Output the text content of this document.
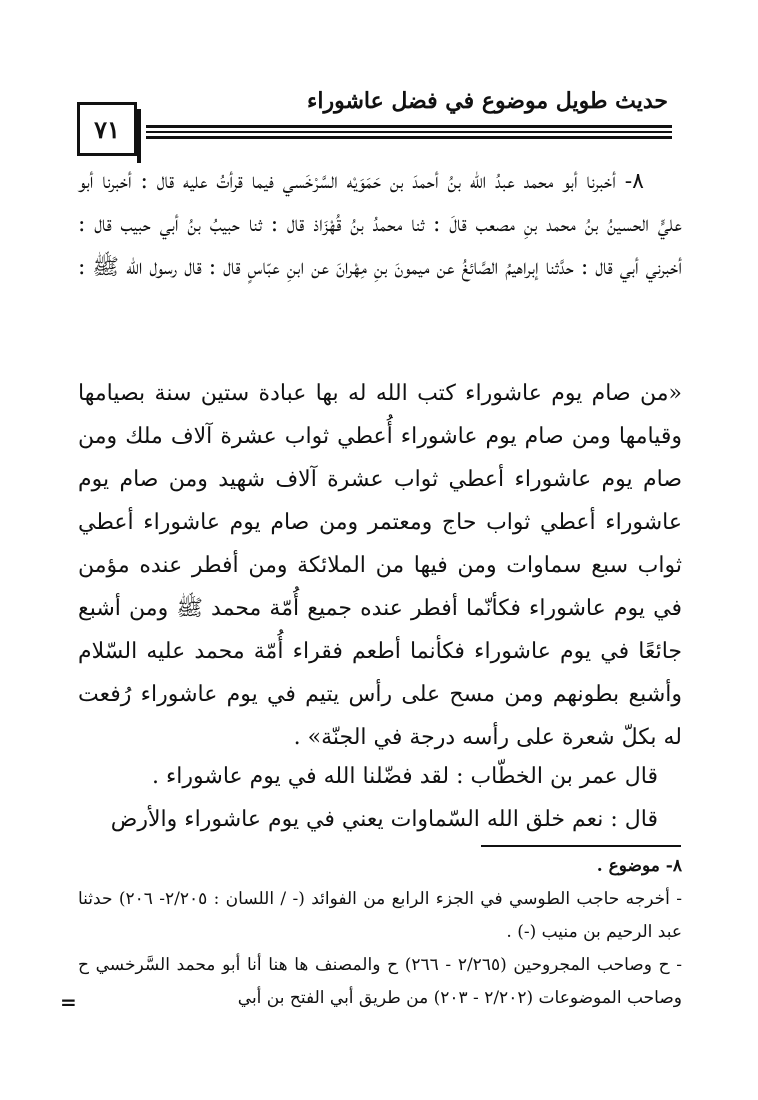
حديث طويل موضوع في فضل عاشوراء
٧١

٨- أخبرنا أبو محمد عبدُ الله بنُ أحمدَ بن حَمَوَيْه السَّرْخَسي فيما قرأتُ عليه قال : أخبرنا أبو عليٍّ الحسينُ بنُ محمد بنِ مصعب قالَ : ثنا محمدُ بنُ قُهْزَاذ قال : ثنا حبيبُ بنُ أبي حبيب قال : أخبرني أبي قال : حدَّثنا إبراهيمُ الصَّائغُ عن ميمونَ بنِ مِهْرانَ عن ابنِ عبّاسٍ قال : قال رسول الله ﷺ :

«من صام يوم عاشوراء كتب الله له بها عبادة ستين سنة بصيامها وقيامها ومن صام يوم عاشوراء أُعطي ثواب عشرة آلاف ملك ومن صام يوم عاشوراء أعطي ثواب عشرة آلاف شهيد ومن صام يوم عاشوراء أعطي ثواب حاج ومعتمر ومن صام يوم عاشوراء أعطي ثواب سبع سماوات ومن فيها من الملائكة ومن أفطر عنده مؤمن في يوم عاشوراء فكأنّما أفطر عنده جميع أُمّة محمد ﷺ ومن أشبع جائعًا في يوم عاشوراء فكأنما أطعم فقراء أُمّة محمد عليه السّلام وأشبع بطونهم ومن مسح على رأس يتيم في يوم عاشوراء رُفعت له بكلّ شعرة على رأسه درجة في الجنّة» .

قال عمر بن الخطّاب : لقد فضّلنا الله في يوم عاشوراء .

قال : نعم خلق الله السّماوات يعني في يوم عاشوراء والأرض

٨- موضوع .

- أخرجه حاجب الطوسي في الجزء الرابع من الفوائد (- / اللسان : ٢/٢٠٥- ٢٠٦) حدثنا عبد الرحيم بن منيب (-) .

- ح وصاحب المجروحين (٢/٢٦٥ - ٢٦٦) ح والمصنف ها هنا أنا أبو محمد السَّرخسي ح وصاحب الموضوعات (٢/٢٠٢ - ٢٠٣) من طريق أبي الفتح بن أبي

=
